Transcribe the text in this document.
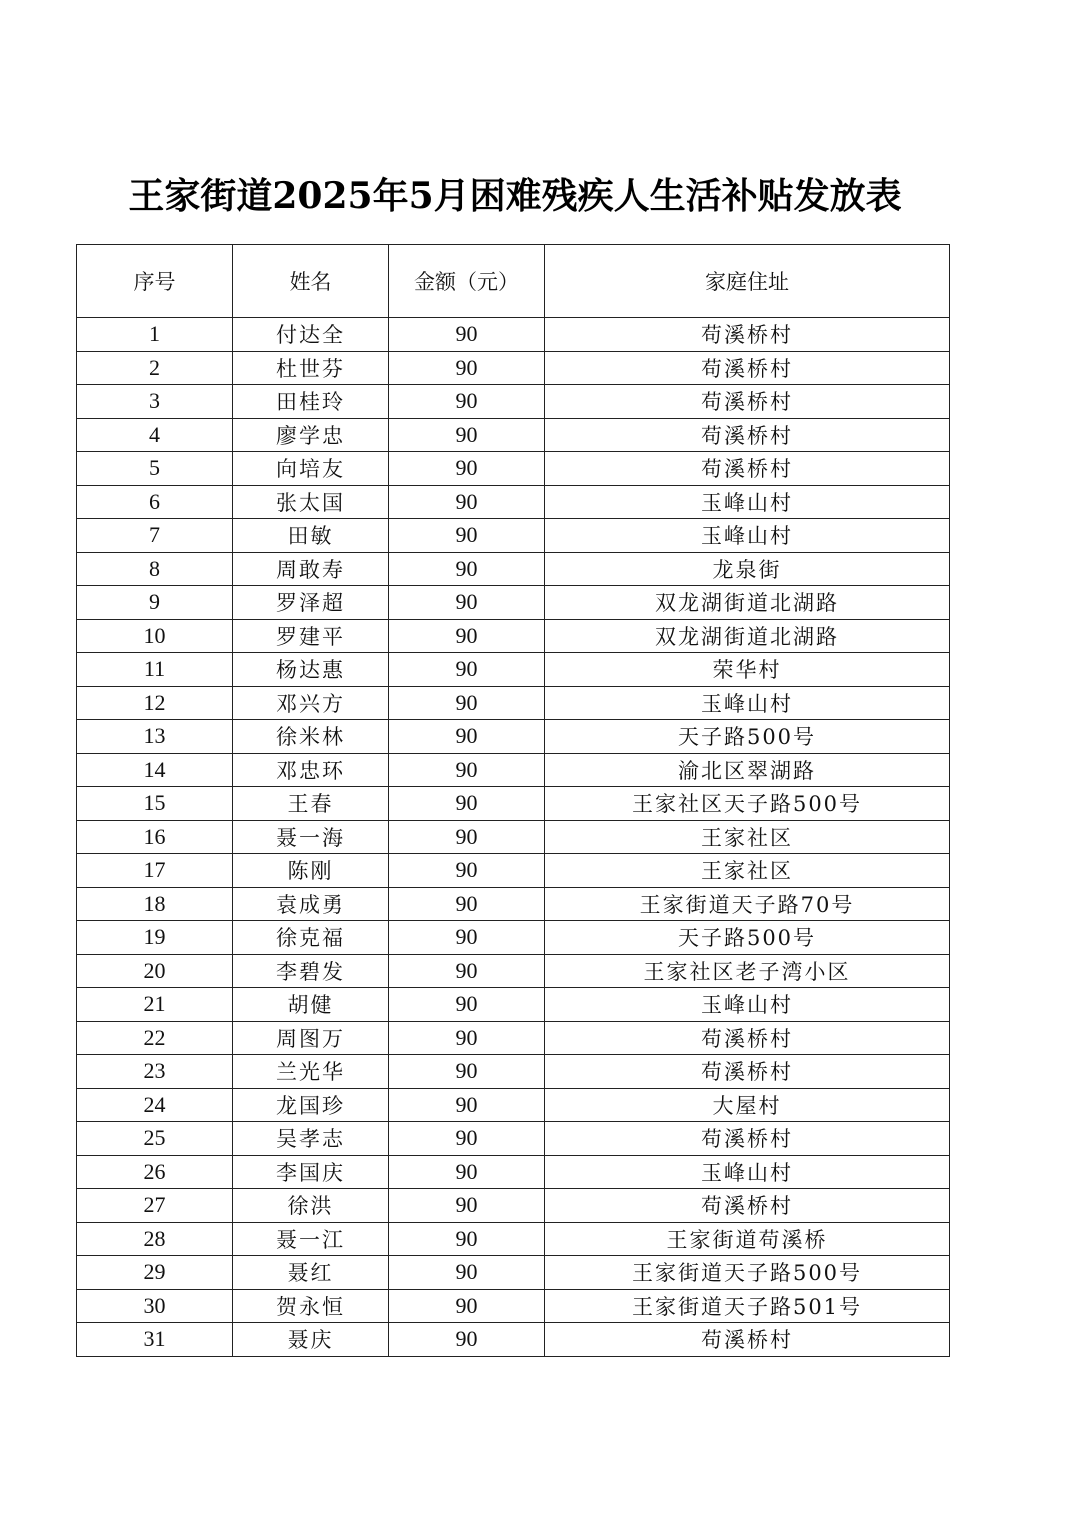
王家街道2025年5月困难残疾人生活补贴发放表
序号	姓名	金额（元）	家庭住址
1	付达全	90	苟溪桥村
2	杜世芬	90	苟溪桥村
3	田桂玲	90	苟溪桥村
4	廖学忠	90	苟溪桥村
5	向培友	90	苟溪桥村
6	张太国	90	玉峰山村
7	田敏	90	玉峰山村
8	周敢寿	90	龙泉街
9	罗泽超	90	双龙湖街道北湖路
10	罗建平	90	双龙湖街道北湖路
11	杨达惠	90	荣华村
12	邓兴方	90	玉峰山村
13	徐米林	90	天子路500号
14	邓忠环	90	渝北区翠湖路
15	王春	90	王家社区天子路500号
16	聂一海	90	王家社区
17	陈刚	90	王家社区
18	袁成勇	90	王家街道天子路70号
19	徐克福	90	天子路500号
20	李碧发	90	王家社区老子湾小区
21	胡健	90	玉峰山村
22	周图万	90	苟溪桥村
23	兰光华	90	苟溪桥村
24	龙国珍	90	大屋村
25	吴孝志	90	苟溪桥村
26	李国庆	90	玉峰山村
27	徐洪	90	苟溪桥村
28	聂一江	90	王家街道苟溪桥
29	聂红	90	王家街道天子路500号
30	贺永恒	90	王家街道天子路501号
31	聂庆	90	苟溪桥村
